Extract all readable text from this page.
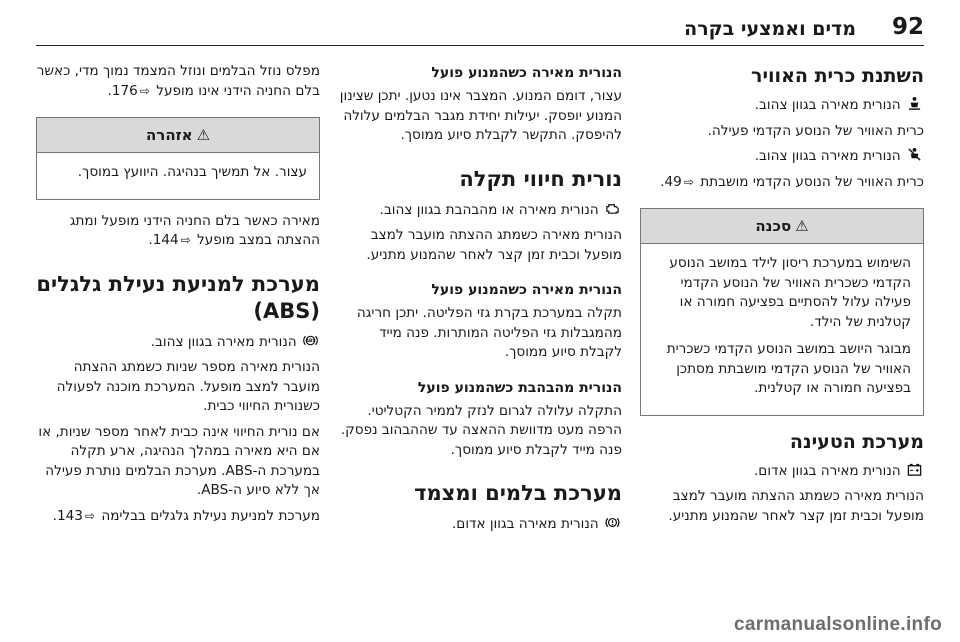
92
מדים ואמצעי בקרה
השתנת כרית האוויר

הנורית מאירה בגוון צהוב.

כרית האוויר של הנוסע הקדמי פעילה.

הנורית מאירה בגוון צהוב.

כרית האוויר של הנוסע הקדמי מושבתת ⇨49.

⚠סכנה

השימוש במערכת ריסון לילד במושב הנוסע הקדמי כשכרית האוויר של הנוסע הקדמי פעילה עלול להסתיים בפציעה חמורה או קטלנית של הילד.

מבוגר היושב במושב הנוסע הקדמי כשכרית האוויר של הנוסע הקדמי מושבתת מסתכן בפציעה חמורה או קטלנית.

מערכת הטעינה

הנורית מאירה בגוון אדום.

הנורית מאירה כשמתג ההצתה מועבר למצב מופעל וכבית זמן קצר לאחר שהמנוע מתניע.

הנורית מאירה כשהמנוע פועל

עצור, דומם המנוע. המצבר אינו נטען. יתכן שצינון המנוע יופסק. יעילות יחידת מגבר הבלמים עלולה להיפסק. התקשר לקבלת סיוע ממוסך.

נורית חיווי תקלה

הנורית מאירה או מהבהבת בגוון צהוב.

הנורית מאירה כשמתג ההצתה מועבר למצב מופעל וכבית זמן קצר לאחר שהמנוע מתניע.

הנורית מאירה כשהמנוע פועל

תקלה במערכת בקרת גזי הפליטה. יתכן חריגה מהמגבלות גזי הפליטה המותרות. פנה מייד לקבלת סיוע ממוסך.

הנורית מהבהבת כשהמנוע פועל

התקלה עלולה לגרום לנזק לממיר הקטליטי. הרפה מעט מדוושת ההאצה עד שההבהוב נפסק. פנה מייד לקבלת סיוע ממוסך.

מערכת בלמים ומצמד

הנורית מאירה בגוון אדום.

מפלס נוזל הבלמים ונוזל המצמד נמוך מדי, כאשר בלם החניה הידני אינו מופעל ⇨176.

⚠אזהרה

עצור. אל תמשיך בנהיגה. היוועץ במוסך.

מאירה כאשר בלם החניה הידני מופעל ומתג ההצתה במצב מופעל ⇨144.

מערכת למניעת נעילת גלגלים (ABS)

ABS
הנורית מאירה בגוון צהוב.

הנורית מאירה מספר שניות כשמתג ההצתה מועבר למצב מופעל. המערכת מוכנה לפעולה כשנורית החיווי כבית.

אם נורית החיווי אינה כבית לאחר מספר שניות, או אם היא מאירה במהלך הנהיגה, ארע תקלה במערכת ה-ABS. מערכת הבלמים נותרת פעילה אך ללא סיוע ה-ABS.

מערכת למניעת נעילת גלגלים בבלימה ⇨143.

carmanualsonline.info
